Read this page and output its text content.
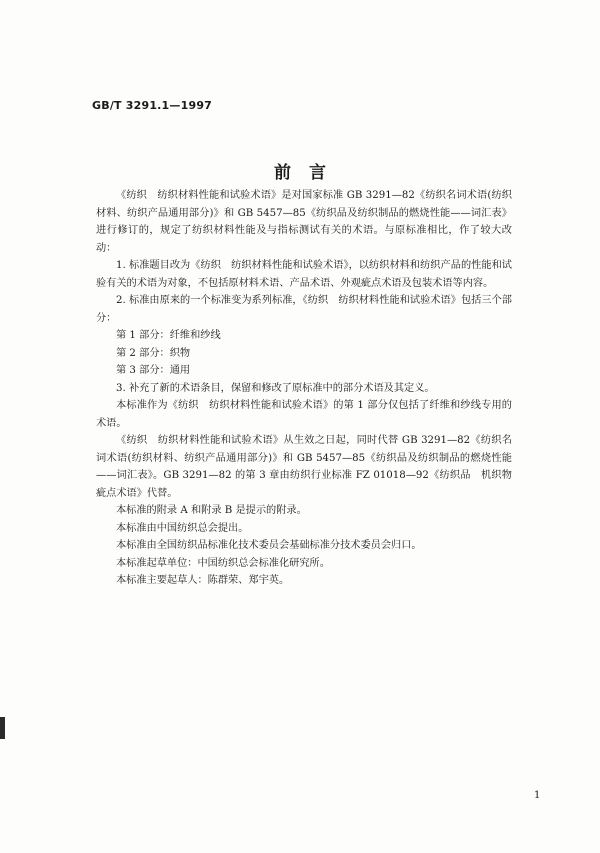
GB/T 3291.1—1997
前言

《纺织　纺织材料性能和试验术语》是对国家标准 GB 3291—82《纺织名词术语(纺织材料、纺织产品通用部分)》和 GB 5457—85《纺织品及纺织制品的燃烧性能——词汇表》进行修订的，规定了纺织材料性能及与指标测试有关的术语。与原标准相比，作了较大改动：

1. 标准题目改为《纺织　纺织材料性能和试验术语》，以纺织材料和纺织产品的性能和试验有关的术语为对象，不包括原材料术语、产品术语、外观疵点术语及包装术语等内容。

2. 标准由原来的一个标准变为系列标准，《纺织　纺织材料性能和试验术语》包括三个部分：

第 1 部分：纤维和纱线

第 2 部分：织物

第 3 部分：通用

3. 补充了新的术语条目，保留和修改了原标准中的部分术语及其定义。

本标准作为《纺织　纺织材料性能和试验术语》的第 1 部分仅包括了纤维和纱线专用的术语。

《纺织　纺织材料性能和试验术语》从生效之日起，同时代替 GB 3291—82《纺织名词术语(纺织材料、纺织产品通用部分)》和 GB 5457—85《纺织品及纺织制品的燃烧性能——词汇表》。GB 3291—82 的第 3 章由纺织行业标准 FZ 01018—92《纺织品　机织物疵点术语》代替。

本标准的附录 A 和附录 B 是提示的附录。

本标准由中国纺织总会提出。

本标准由全国纺织品标准化技术委员会基础标准分技术委员会归口。

本标准起草单位：中国纺织总会标准化研究所。

本标准主要起草人：陈群荣、郑宇英。

1
